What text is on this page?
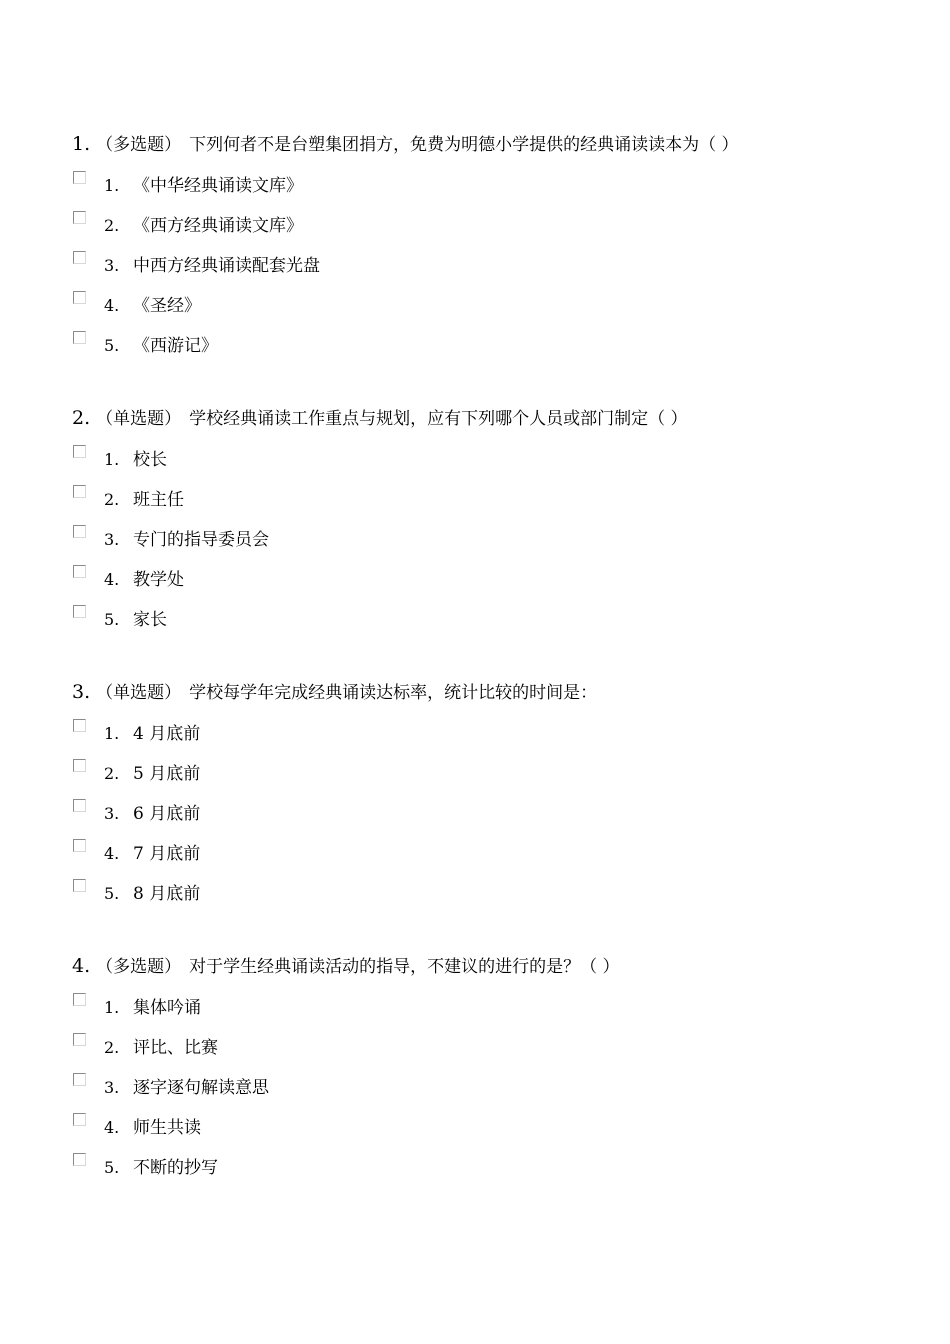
1. （多选题） 下列何者不是台塑集团捐方，免费为明德小学提供的经典诵读读本为（ ）
1. 《中华经典诵读文库》
2. 《西方经典诵读文库》
3. 中西方经典诵读配套光盘
4. 《圣经》
5. 《西游记》
2. （单选题） 学校经典诵读工作重点与规划，应有下列哪个人员或部门制定（ ）
1. 校长
2. 班主任
3. 专门的指导委员会
4. 教学处
5. 家长
3. （单选题） 学校每学年完成经典诵读达标率，统计比较的时间是：
1. 4 月底前
2. 5 月底前
3. 6 月底前
4. 7 月底前
5. 8 月底前
4. （多选题） 对于学生经典诵读活动的指导，不建议的进行的是？（ ）
1. 集体吟诵
2. 评比、比赛
3. 逐字逐句解读意思
4. 师生共读
5. 不断的抄写
